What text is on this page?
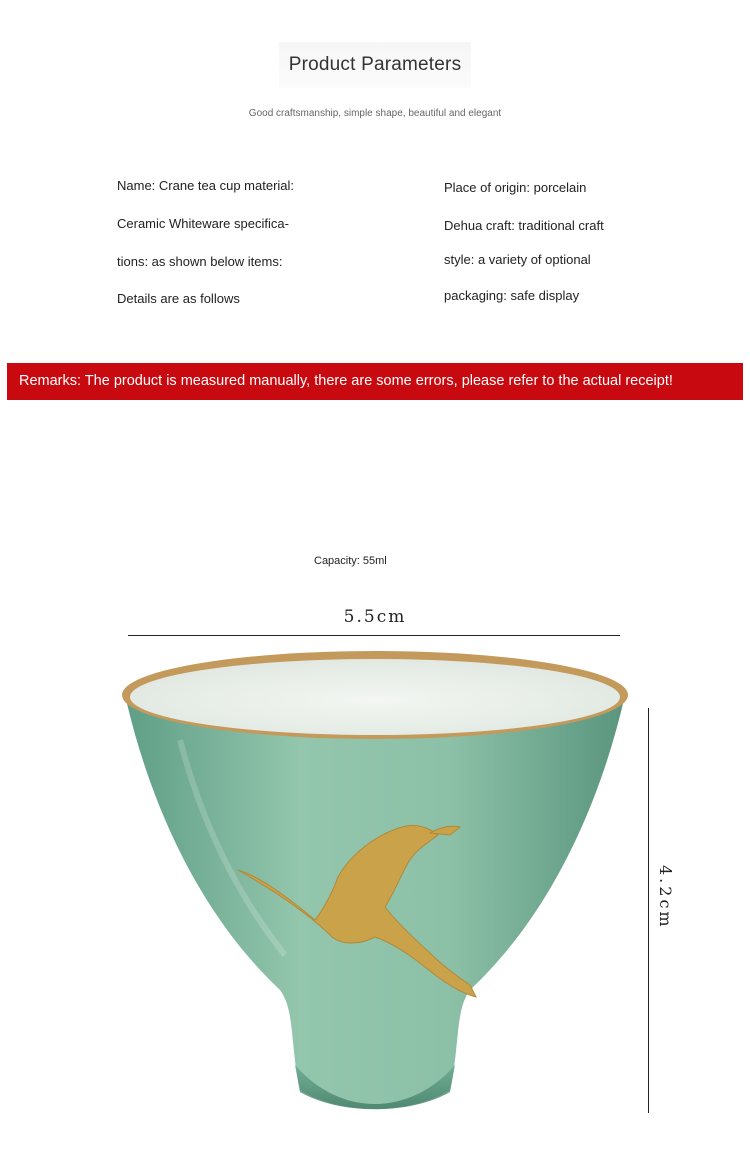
Product Parameters
Good craftsmanship, simple shape, beautiful and elegant
Name: Crane tea cup material:
Ceramic Whiteware specifica-
tions: as shown below items:
Details are as follows
Place of origin: porcelain
Dehua craft: traditional craft
style: a variety of optional
packaging: safe display
Remarks: The product is measured manually, there are some errors, please refer to the actual receipt!
Capacity: 55ml
5.5cm
4.2cm
